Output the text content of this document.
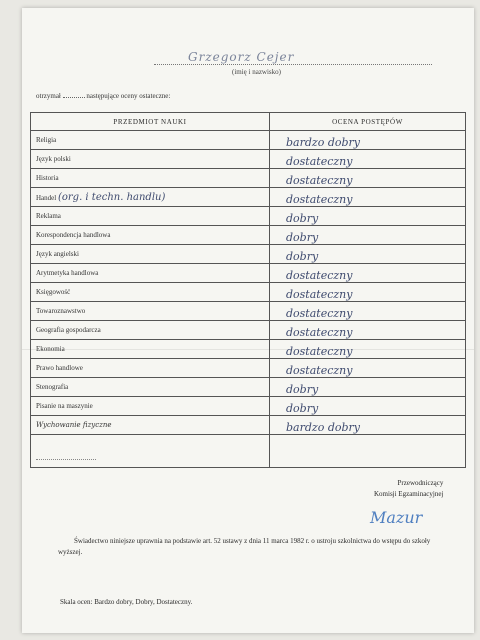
Grzegorz Cejer
(imię i nazwisko)
otrzymał	następujące oceny ostateczne:
PRZEDMIOT NAUKI	OCENA POSTĘPÓW
Religia	bardzo dobry
Język polski	dostateczny
Historia	dostateczny
Handel (org. i techn. handlu)	dostateczny
Reklama	dobry
Korespondencja handlowa	dobry
Język angielski	dobry
Arytmetyka handlowa	dostateczny
Księgowość	dostateczny
Towaroznawstwo	dostateczny
Geografia gospodarcza	dostateczny
Ekonomia	dostateczny
Prawo handlowe	dostateczny
Stenografia	dobry
Pisanie na maszynie	dobry
Wychowanie fizyczne	bardzo dobry

Przewodniczący
Komisji Egzaminacyjnej
Mazur
Świadectwo niniejsze uprawnia na podstawie art. 52 ustawy z dnia 11 marca 1982 r. o ustroju szkolnictwa do wstępu do szkoły wyższej.
Skala ocen: Bardzo dobry, Dobry, Dostateczny.
